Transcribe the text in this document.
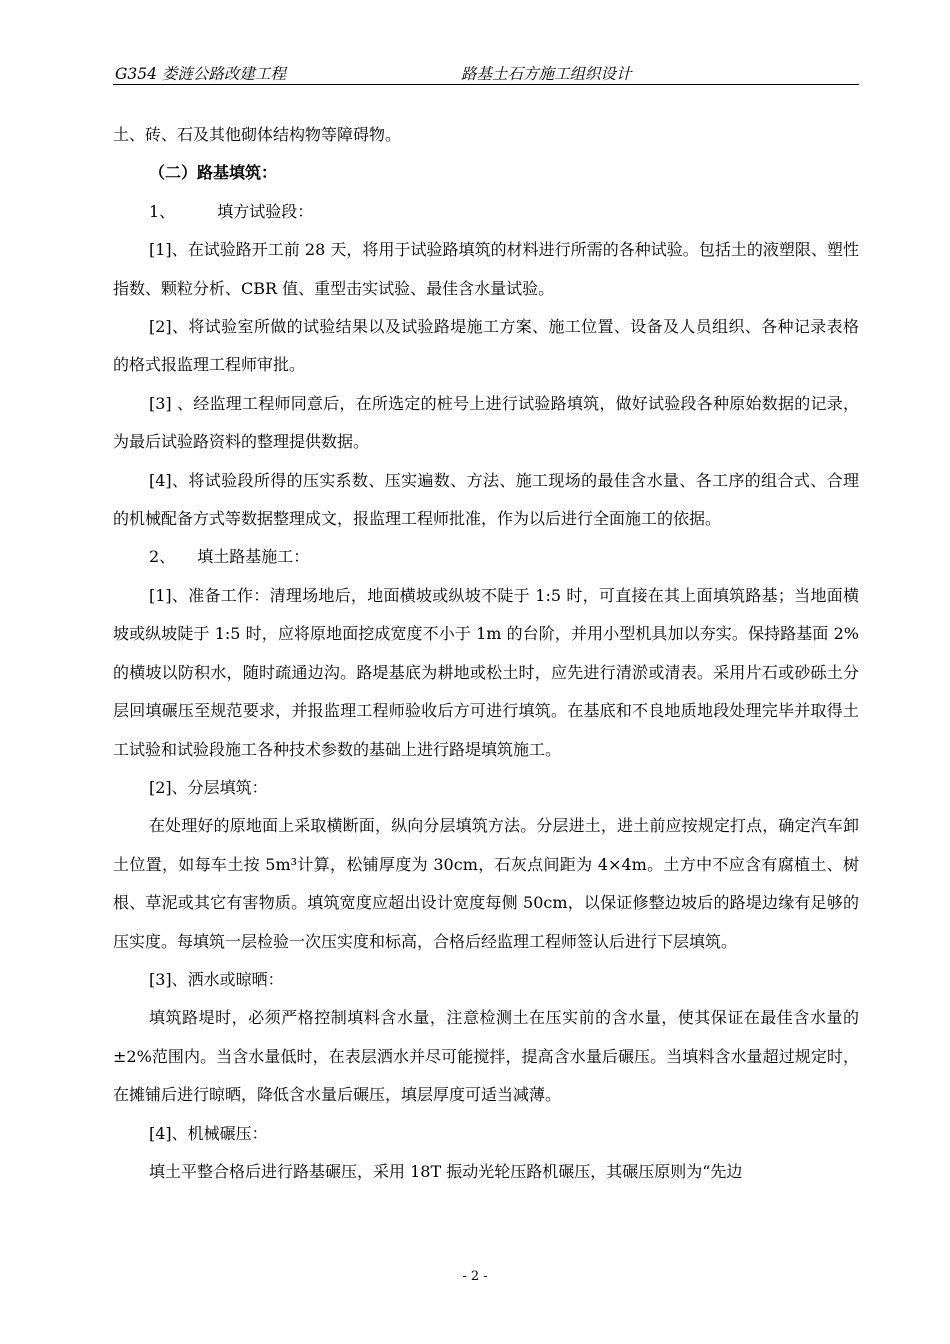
G354 娄涟公路改建工程	路基土石方施工组织设计

土、砖、石及其他砌体结构物等障碍物。

（二）路基填筑：

1、	填方试验段：

[1]、在试验路开工前 28 天，将用于试验路填筑的材料进行所需的各种试验。包括土的液塑限、塑性指数、颗粒分析、CBR 值、重型击实试验、最佳含水量试验。

[2]、将试验室所做的试验结果以及试验路堤施工方案、施工位置、设备及人员组织、各种记录表格的格式报监理工程师审批。

[3] 、经监理工程师同意后，在所选定的桩号上进行试验路填筑，做好试验段各种原始数据的记录，为最后试验路资料的整理提供数据。

[4]、将试验段所得的压实系数、压实遍数、方法、施工现场的最佳含水量、各工序的组合式、合理的机械配备方式等数据整理成文，报监理工程师批准，作为以后进行全面施工的依据。

2、 填土路基施工：

[1]、准备工作：清理场地后，地面横坡或纵坡不陡于 1:5 时，可直接在其上面填筑路基；当地面横坡或纵坡陡于 1:5 时，应将原地面挖成宽度不小于 1m 的台阶，并用小型机具加以夯实。保持路基面 2%的横坡以防积水，随时疏通边沟。路堤基底为耕地或松土时，应先进行清淤或清表。采用片石或砂砾土分层回填碾压至规范要求，并报监理工程师验收后方可进行填筑。在基底和不良地质地段处理完毕并取得土工试验和试验段施工各种技术参数的基础上进行路堤填筑施工。

[2]、分层填筑：

在处理好的原地面上采取横断面，纵向分层填筑方法。分层进土，进土前应按规定打点，确定汽车卸土位置，如每车土按 5m³计算，松铺厚度为 30cm，石灰点间距为 4×4m。土方中不应含有腐植土、树根、草泥或其它有害物质。填筑宽度应超出设计宽度每侧 50cm，以保证修整边坡后的路堤边缘有足够的压实度。每填筑一层检验一次压实度和标高，合格后经监理工程师签认后进行下层填筑。

[3]、洒水或晾晒：

填筑路堤时，必须严格控制填料含水量，注意检测土在压实前的含水量，使其保证在最佳含水量的±2%范围内。当含水量低时，在表层洒水并尽可能搅拌，提高含水量后碾压。当填料含水量超过规定时，在摊铺后进行晾晒，降低含水量后碾压，填层厚度可适当减薄。

[4]、机械碾压：

填土平整合格后进行路基碾压，采用 18T 振动光轮压路机碾压，其碾压原则为“先边

- 2 -
